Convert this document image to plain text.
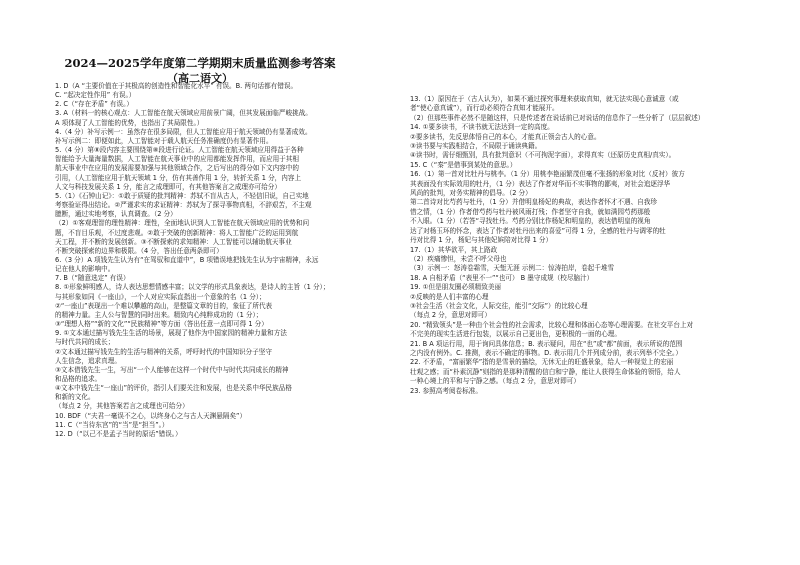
2024—2025学年度第二学期期末质量监测参考答案
（高二语文）
1. D（A “主要价值在于其极高的创造性和智能化水平” 有误。B. 两句话都有错误。
C. “起决定性作用” 有误。）
2. C（“存在矛盾” 有误。）
3. A（材料一的核心观点：人工智能在航天领域应用前景广阔，但其发展面临严峻挑战。
A 项体现了人工智能的优势，也指出了其局限性。）
4.（4 分）补写示例一：虽然存在很多局限，但人工智能应用于航天领域仍有显著成效。
补写示例二：即便如此，人工智能对于载人航天任务准确度仍有显著作用。
5.（4 分）第⑧段内容主要围绕第⑧段进行论证。人工智能在航天领域应用得益于各种
智能给予大量海量数据，人工智能在航天事业中的应用都能发挥作用，而应用于其相
航天事业中在应用的发展需要加强与其他领域合作，之后写出的得分如下文内容中的
引用，（人工智能应用于航天领域 1 分，仿有其善作用 1 分，转折关系 1 分，内容上
人文与科技发展关系 1 分，能言之成理即可，有其他答案言之成理亦可给分）
5.（1）《石钟山记》：①敢于质疑的批判精神：苏轼不盲从古人，不轻信旧说，自己实地
考察验证得出结论。②严谨求实的求证精神：苏轼为了探寻事物真相，不辞艰苦，不主观
臆断，通过实地考察，认真调查。（2 分）
（2）①客观理智的理性精神：理性，全面地认识到人工智能在航天领域应用的优势和问
题，不盲目乐观，不过度悲观。②敢于突破的创新精神：将人工智能广泛的运用到航
天工程，并不断的发展创新。③不断探索的求知精神：人工智能可以辅助航天事业
不断突破探索的边界和极限。（4 分，答出任意两条即可）
6.（3 分）A 项钱先生认为有“在驾驭和直道中”，B 项错误地把钱先生认为宇宙精神，永远
记在他人的影响中。
7. B（“随意选定” 有误）
8. ①形象鲜明感人，诗人表达思想情感丰富；以文学的形式具象表达，是诗人的主旨（1 分）；
与其形象如同《一座山》，一个人对应实际直指出一个意象的名（1 分）；
②“一座山”表现出一个难以攀越的高山，是整篇文章的目的，象征了所代表
的精神力量。主人公与智慧的同时出来。精致内心纯粹成功的（1 分）；
③“理想人格”“新的文化”“民族精神”等方面（答出任意一点即可得 1 分）
9. ①文本通过描写钱先生生活的场景，展现了他作为中国家园的精神力量和方法
与时代共同的成长；
②文本通过描写钱先生的生活与精神的关系，呼吁时代的中国知识分子坚守
人生信念，追求真理。
③文本借钱先生一生，写出“一个人能够在这样一个时代中与时代共同成长的精神
和品格的追求。
④文本中钱先生“一座山”的评价，指引人们要关注和发展，也是关系中华民族品格
和新的文化。
（每点 2 分，其他答案若言之成理也可给分）
10. BDF（“夫君一毫误不之心，以终身心之与古人天渊悬隔矣”）
11. C（“当待东宫”的“当”是“担当”。）
12. D（“以己不是孟子当时的原话”错误。）
13.（1）原因在于（古人认为），如果不通过探究事理来获取真知，就无法实现心意诚意（或
者“使心意真诚”），而行动必须符合真知才能展开。
（2）但那些事件必然不是随这样，只是传述者在说话前已对说话的信息作了一些分析了（层层叙述）
14. ①要多读书，不读书就无法达到一定的高度。
②要多读书，先反思体悟自己的本心，才能真正领会古人的心意。
③读书要与实践相结合，不局限于诵读典籍。
④读书时，需仔细甄别，具有批判意识（不可拘泥字面），求得真实（还原历史真相/真实）。
15. C（“秦”是借事到某处的意思。）
16.（1）第一首对比牡丹与桃李。（1 分）用桃李艳丽繁茂但毫不张扬的形象对比（反衬）彼方
其表面没有实际效用的牡丹，（1 分）表达了作者对华而不实事物的鄙夷，对社会追逐浮华
风尚的批判，对务实精神的倡导。（2 分）
第二首诗对比芍药与牡丹，（1 分）并借明皇杨妃的典故，表达作者怀才不遇、自我珍
惜之情，（1 分）作者借芍药与牡丹被风雨打残；作者坚守自我，就如满园芍药那般
不入眼。（1 分）（若答“寻找牡丹。芍药分别比作杨妃和明皇的，表达借明皇的视角
达了对杨玉环的怀念，表达了作者对牡丹出来的喜爱”可得 1 分，全感的牡丹与调零的牡
丹对比得 1 分，杨妃与其他妃嫔陪对比得 1 分）
17.（1）其华欲平，其上路政
（2）疾痛惨怛，未尝不呼父母也
（3）示例一：怒涛卷霜雪，天堑无涯 示例二：惊涛拍岸，卷起千堆雪
18. A 自相矛盾（“表里不一”“也可） B 墨守成规（校尽脑汁）
19. ①但是朋友圈必须精致美丽
②反映的是人们丰富的心理
③社会生活（社会文化，人际交往，能引“交际”）的比较心理
（每点 2 分，意思对即可）
20. “精致领头”是一种由个社会性的社会需求，比较心理和体面心态等心理需要。在社交平台上对
不完美的现实生活进行包装，以展示自己更出色，更积极的一面的心理。
21. B A 项运行用，用于询问具体信息；B. 表示疑问，用在“也”或“都”前面，表示所说的范围
之内没有例外。C. 推测，表示不确定的事物。D. 表示用几个并列成分前，表示列举不完全。）
22. 不矛盾，“富丽繁华”指的是雪景的描绘，无休无止的旺盛景象，给人一种视觉上的宏丽
壮观之感；而“朴素沉静”则指的是那种清醒的信白和宁静，能让人获得生命体验的领悟，给人
一种心境上的平和与宁静之感。（每点 2 分，意思对即可）
23. 参照高考阅卷标准。
